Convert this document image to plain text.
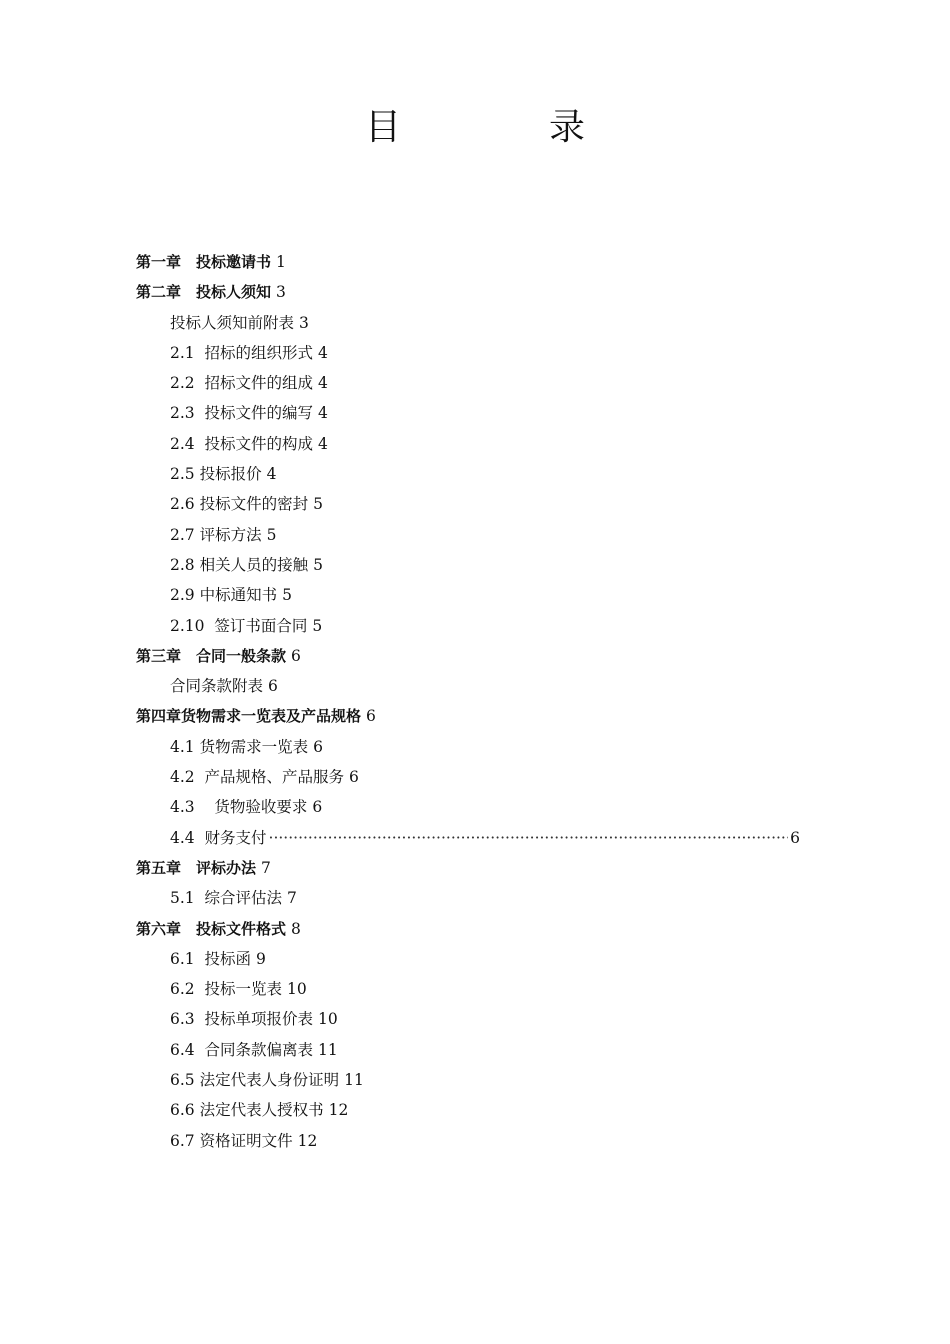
目　录
第一章　投标邀请书 1
第二章　投标人须知 3
投标人须知前附表 3
2.1  招标的组织形式 4
2.2  招标文件的组成 4
2.3  投标文件的编写 4
2.4  投标文件的构成 4
2.5 投标报价 4
2.6 投标文件的密封 5
2.7 评标方法 5
2.8 相关人员的接触 5
2.9 中标通知书 5
2.10  签订书面合同 5
第三章　合同一般条款 6
合同条款附表 6
第四章货物需求一览表及产品规格 6
4.1 货物需求一览表 6
4.2  产品规格、产品服务 6
4.3    货物验收要求 6
4.4  财务支付
·····	6
第五章　评标办法 7
5.1  综合评估法 7
第六章　投标文件格式 8
6.1  投标函 9
6.2  投标一览表 10
6.3  投标单项报价表 10
6.4  合同条款偏离表 11
6.5 法定代表人身份证明 11
6.6 法定代表人授权书 12
6.7 资格证明文件 12
